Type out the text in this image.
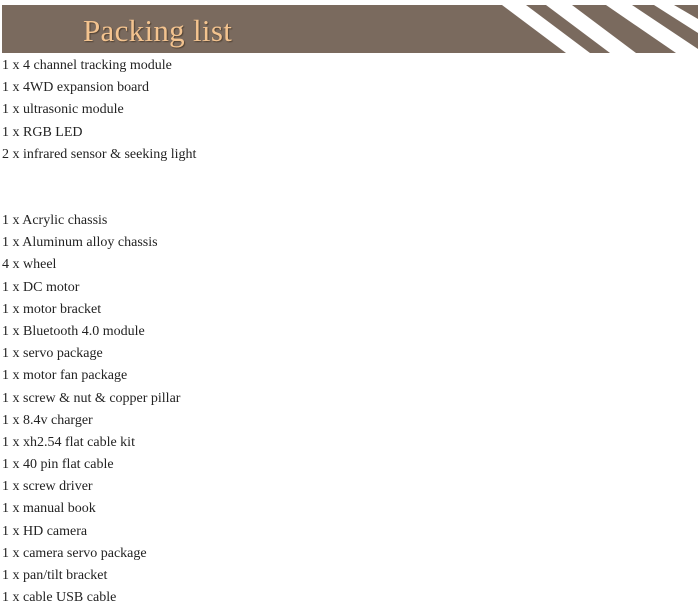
Packing list
1 x 4 channel tracking module
1 x 4WD expansion board
1 x ultrasonic module
1 x RGB LED
2 x infrared sensor & seeking light
1 x Acrylic chassis
1 x Aluminum alloy chassis
4 x wheel
1 x DC motor
1 x motor bracket
1 x Bluetooth 4.0 module
1 x servo package
1 x motor fan package
1 x screw & nut & copper pillar
1 x 8.4v charger
1 x xh2.54 flat cable kit
1 x 40 pin flat cable
1 x screw driver
1 x manual book
1 x HD camera
1 x camera servo package
1 x pan/tilt bracket
1 x cable USB cable
